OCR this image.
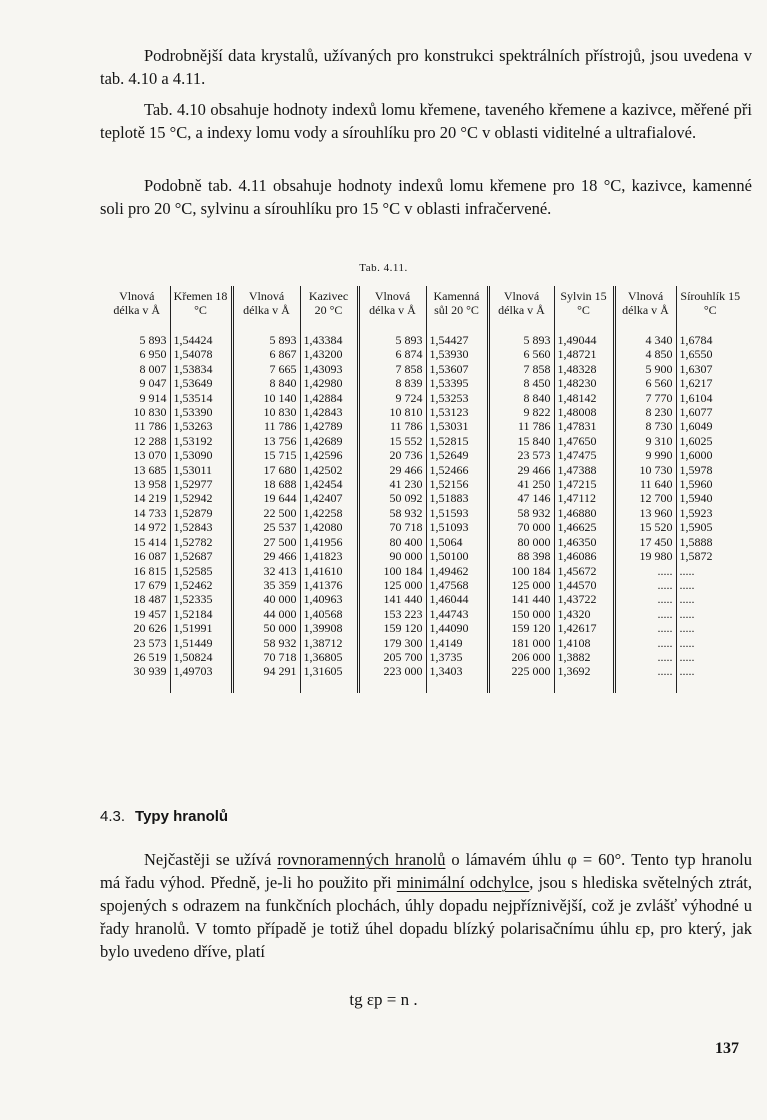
Podrobnější data krystalů, užívaných pro konstrukci spektrálních přístrojů, jsou uvedena v tab. 4.10 a 4.11.

Tab. 4.10 obsahuje hodnoty indexů lomu křemene, taveného křemene a kazivce, měřené při teplotě 15 °C, a indexy lomu vody a sírouhlíku pro 20 °C v oblasti viditelné a ultrafialové.

Podobně tab. 4.11 obsahuje hodnoty indexů lomu křemene pro 18 °C, kazivce, kamenné soli pro 20 °C, sylvinu a sírouhlíku pro 15 °C v oblasti infračervené.

Tab. 4.11.
Vlnová délka v Å	Křemen 18 °C	Vlnová délka v Å	Kazivec 20 °C	Vlnová délka v Å	Kamenná sůl 20 °C	Vlnová délka v Å	Sylvin 15 °C	Vlnová délka v Å	Sírouhlík 15 °C

5 893	1,54424	5 893	1,43384	5 893	1,54427	5 893	1,49044	4 340	1,6784
6 950	1,54078	6 867	1,43200	6 874	1,53930	6 560	1,48721	4 850	1,6550
8 007	1,53834	7 665	1,43093	7 858	1,53607	7 858	1,48328	5 900	1,6307
9 047	1,53649	8 840	1,42980	8 839	1,53395	8 450	1,48230	6 560	1,6217
9 914	1,53514	10 140	1,42884	9 724	1,53253	8 840	1,48142	7 770	1,6104
10 830	1,53390	10 830	1,42843	10 810	1,53123	9 822	1,48008	8 230	1,6077
11 786	1,53263	11 786	1,42789	11 786	1,53031	11 786	1,47831	8 730	1,6049
12 288	1,53192	13 756	1,42689	15 552	1,52815	15 840	1,47650	9 310	1,6025
13 070	1,53090	15 715	1,42596	20 736	1,52649	23 573	1,47475	9 990	1,6000
13 685	1,53011	17 680	1,42502	29 466	1,52466	29 466	1,47388	10 730	1,5978
13 958	1,52977	18 688	1,42454	41 230	1,52156	41 250	1,47215	11 640	1,5960
14 219	1,52942	19 644	1,42407	50 092	1,51883	47 146	1,47112	12 700	1,5940
14 733	1,52879	22 500	1,42258	58 932	1,51593	58 932	1,46880	13 960	1,5923
14 972	1,52843	25 537	1,42080	70 718	1,51093	70 000	1,46625	15 520	1,5905
15 414	1,52782	27 500	1,41956	80 400	1,5064	80 000	1,46350	17 450	1,5888
16 087	1,52687	29 466	1,41823	90 000	1,50100	88 398	1,46086	19 980	1,5872
16 815	1,52585	32 413	1,41610	100 184	1,49462	100 184	1,45672	.....	.....
17 679	1,52462	35 359	1,41376	125 000	1,47568	125 000	1,44570	.....	.....
18 487	1,52335	40 000	1,40963	141 440	1,46044	141 440	1,43722	.....	.....
19 457	1,52184	44 000	1,40568	153 223	1,44743	150 000	1,4320	.....	.....
20 626	1,51991	50 000	1,39908	159 120	1,44090	159 120	1,42617	.....	.....
23 573	1,51449	58 932	1,38712	179 300	1,4149	181 000	1,4108	.....	.....
26 519	1,50824	70 718	1,36805	205 700	1,3735	206 000	1,3882	.....	.....
30 939	1,49703	94 291	1,31605	223 000	1,3403	225 000	1,3692	.....	.....

4.3. Typy hranolů

Nejčastěji se užívá rovnoramenných hranolů o lámavém úhlu φ = 60°. Tento typ hranolu má řadu výhod. Předně, je-li ho použito při minimální odchylce, jsou s hlediska světelných ztrát, spojených s odrazem na funkčních plochách, úhly dopadu nejpříznivější, což je zvlášť výhodné u řady hranolů. V tomto případě je totiž úhel dopadu blízký polarisačnímu úhlu εp, pro který, jak bylo uvedeno dříve, platí

tg εp = n .
137
